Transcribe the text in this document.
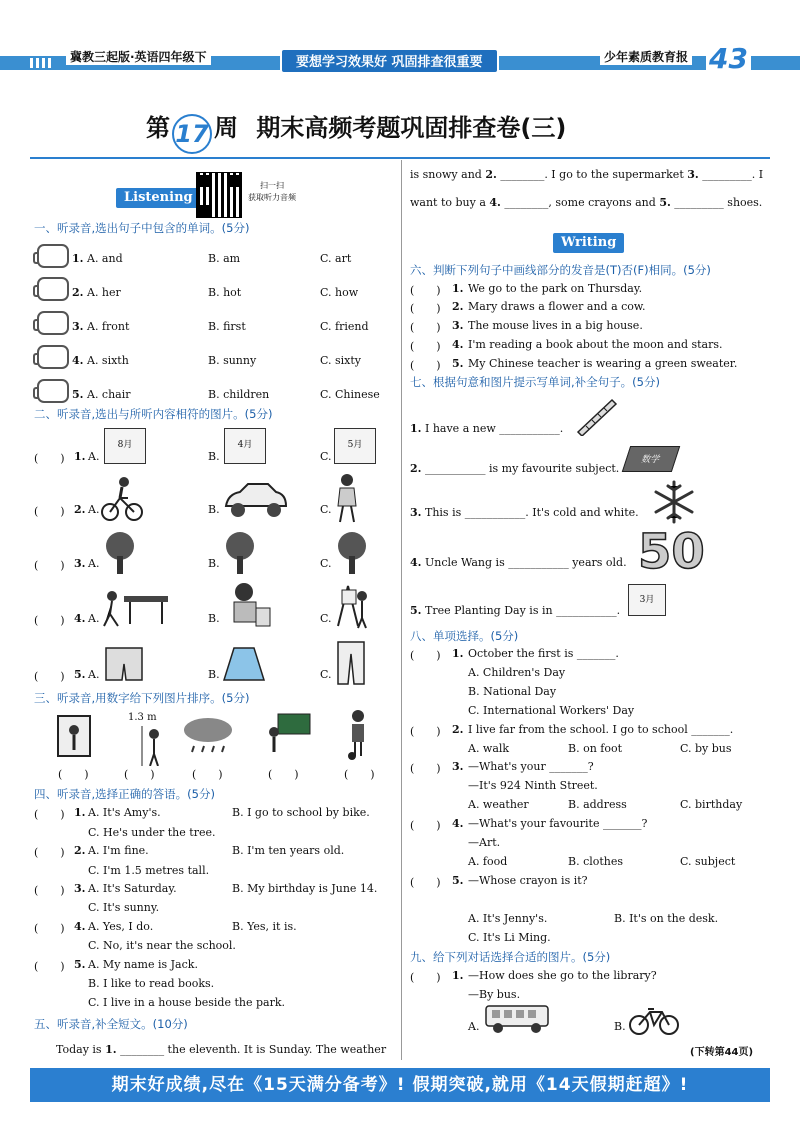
冀教三起版·英语四年级下	要想学习效果好 巩固排查很重要	少年素质教育报 43
第 17 周 期末高频考题巩固排查卷(三)
Listening
扫一扫
获取听力音频
一、听录音,选出句子中包含的单词。(5分)
1. A. and	B. am	C. art
2. A. her	B. hot	C. how
3. A. front	B. first	C. friend
4. A. sixth	B. sunny	C. sixty
5. A. chair	B. children	C. Chinese
二、听录音,选出与所听内容相符的图片。(5分)
(　　) 1. A.	B.	C.
8月	4月	5月
(　　) 2. A.	B.	C.
(　　) 3. A.	B.	C.
(　　) 4. A.	B.	C.
(　　) 5. A.	B.	C.
三、听录音,用数字给下列图片排序。(5分)
1.3 m
(　　)	(　　)	(　　)	(　　)	(　　)
四、听录音,选择正确的答语。(5分)
(　　) 1. A. It's Amy's.	B. I go to school by bike.
C. He's under the tree.
(　　) 2. A. I'm fine.	B. I'm ten years old.
C. I'm 1.5 metres tall.
(　　) 3. A. It's Saturday.	B. My birthday is June 14.
C. It's sunny.
(　　) 4. A. Yes, I do.	B. Yes, it is.
C. No, it's near the school.
(　　) 5. A. My name is Jack.
B. I like to read books.
C. I live in a house beside the park.
五、听录音,补全短文。(10分)
Today is 1. ________ the eleventh. It is Sunday. The weather
is snowy and 2. ________. I go to the supermarket 3. _________. I
want to buy a 4. ________, some crayons and 5. _________ shoes.
Writing
六、判断下列句子中画线部分的发音是(T)否(F)相同。(5分)
(　　) 1. We go to the park on Thursday.
(　　) 2. Mary draws a flower and a cow.
(　　) 3. The mouse lives in a big house.
(　　) 4. I'm reading a book about the moon and stars.
(　　) 5. My Chinese teacher is wearing a green sweater.
七、根据句意和图片提示写单词,补全句子。(5分)
1. I have a new ___________.
2. ___________ is my favourite subject.
数学
3. This is ___________. It's cold and white.
4. Uncle Wang is ___________ years old. 50
5. Tree Planting Day is in ___________.
3月
八、单项选择。(5分)
(　　) 1. October the first is _______.
A. Children's Day
B. National Day
C. International Workers' Day
(　　) 2. I live far from the school. I go to school _______.
A. walk	B. on foot	C. by bus
(　　) 3. —What's your _______?
—It's 924 Ninth Street.
A. weather	B. address	C. birthday
(　　) 4. —What's your favourite _______?
—Art.
A. food	B. clothes	C. subject
(　　) 5. —Whose crayon is it?
A. It's Jenny's.	B. It's on the desk.
C. It's Li Ming.
九、给下列对话选择合适的图片。(5分)
(　　) 1. —How does she go to the library?
—By bus.
A.	B.
(下转第44页)
期末好成绩,尽在《15天满分备考》! 假期突破,就用《14天假期赶超》!
